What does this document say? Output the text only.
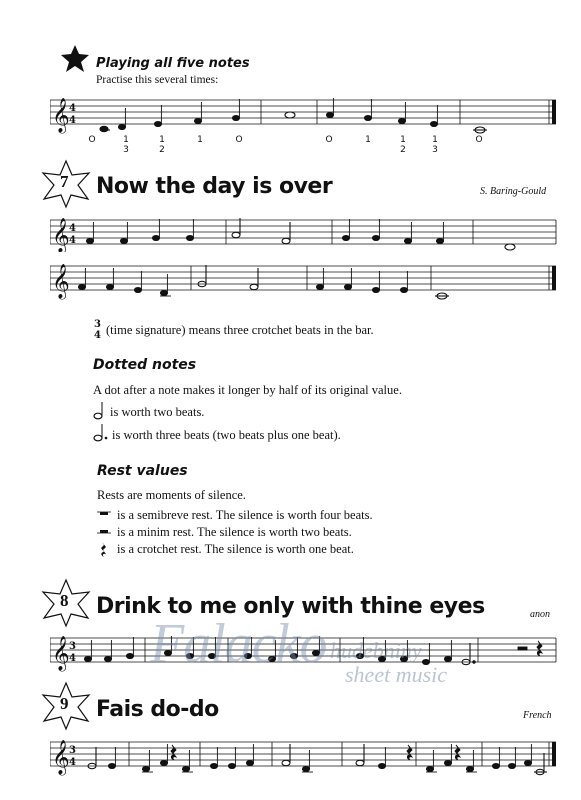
Playing all five notes
Practise this several times:
𝄞 4
4
O	1	1	1	O	O	1	1	1	O
3	2	2	3
7 Now the day is over	S. Baring-Gould
𝄞 4
4
𝄞
3
4 (time signature) means three crotchet beats in the bar.
Dotted notes
A dot after a note makes it longer by half of its original value.
is worth two beats.
is worth three beats (two beats plus one beat).
Rest values
Rests are moments of silence.
is a semibreve rest. The silence is worth four beats.
is a minim rest. The silence is worth two beats.
is a crotchet rest. The silence is worth one beat.
8 Drink to me only with thine eyes	anon
𝄞 3
4 Falacko hudebniny
sheet music
9 Fais do-do	French
𝄞 3
4
